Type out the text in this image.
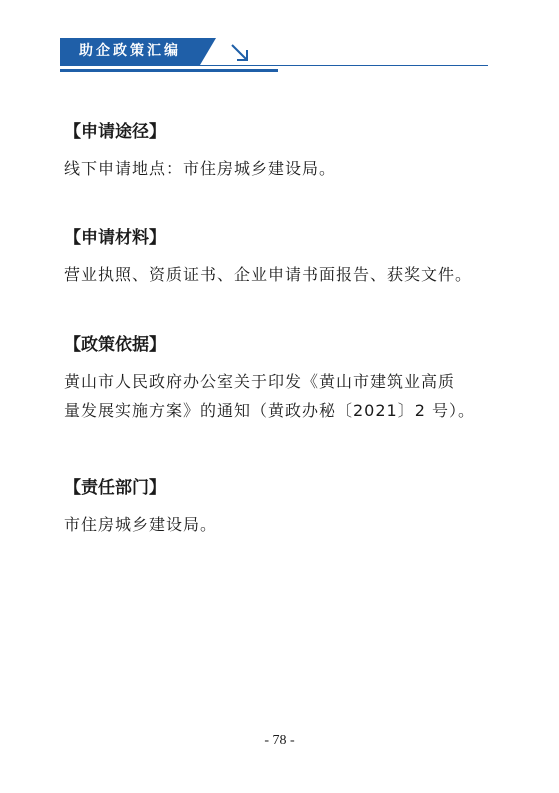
助企政策汇编
【申请途径】

线下申请地点：市住房城乡建设局。

【申请材料】

营业执照、资质证书、企业申请书面报告、获奖文件。

【政策依据】

黄山市人民政府办公室关于印发《黄山市建筑业高质

量发展实施方案》的通知（黄政办秘〔2021〕2 号）。

【责任部门】

市住房城乡建设局。

- 78 -
